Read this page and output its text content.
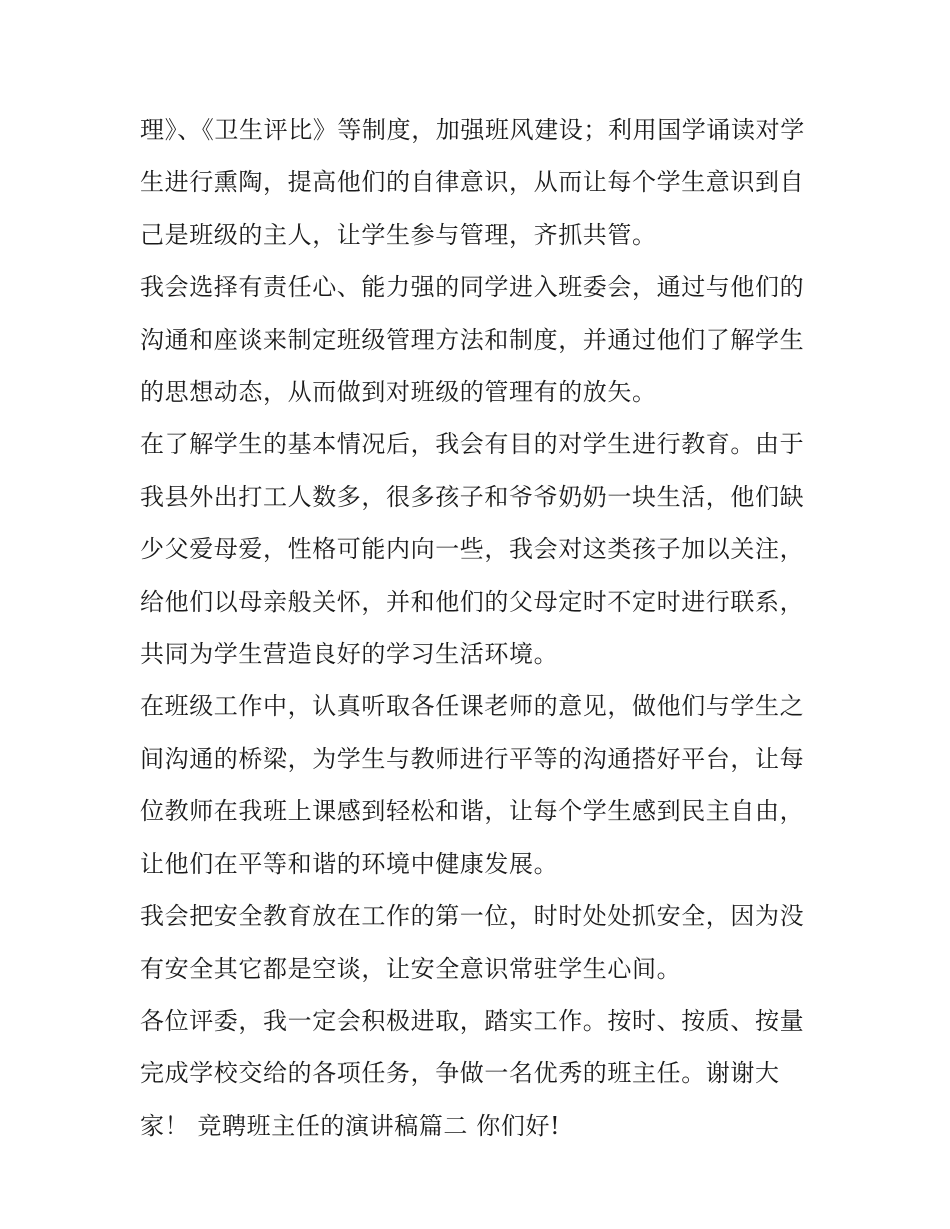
理》、《卫生评比》等制度，加强班风建设；利用国学诵读对学生进行熏陶，提高他们的自律意识，从而让每个学生意识到自己是班级的主人，让学生参与管理，齐抓共管。

我会选择有责任心、能力强的同学进入班委会，通过与他们的沟通和座谈来制定班级管理方法和制度，并通过他们了解学生的思想动态，从而做到对班级的管理有的放矢。

在了解学生的基本情况后，我会有目的对学生进行教育。由于我县外出打工人数多，很多孩子和爷爷奶奶一块生活，他们缺少父爱母爱，性格可能内向一些，我会对这类孩子加以关注，给他们以母亲般关怀，并和他们的父母定时不定时进行联系，共同为学生营造良好的学习生活环境。

在班级工作中，认真听取各任课老师的意见，做他们与学生之间沟通的桥梁，为学生与教师进行平等的沟通搭好平台，让每位教师在我班上课感到轻松和谐，让每个学生感到民主自由，让他们在平等和谐的环境中健康发展。

我会把安全教育放在工作的第一位，时时处处抓安全，因为没有安全其它都是空谈，让安全意识常驻学生心间。

各位评委，我一定会积极进取，踏实工作。按时、按质、按量完成学校交给的各项任务，争做一名优秀的班主任。谢谢大家！ 竞聘班主任的演讲稿篇二 你们好!
